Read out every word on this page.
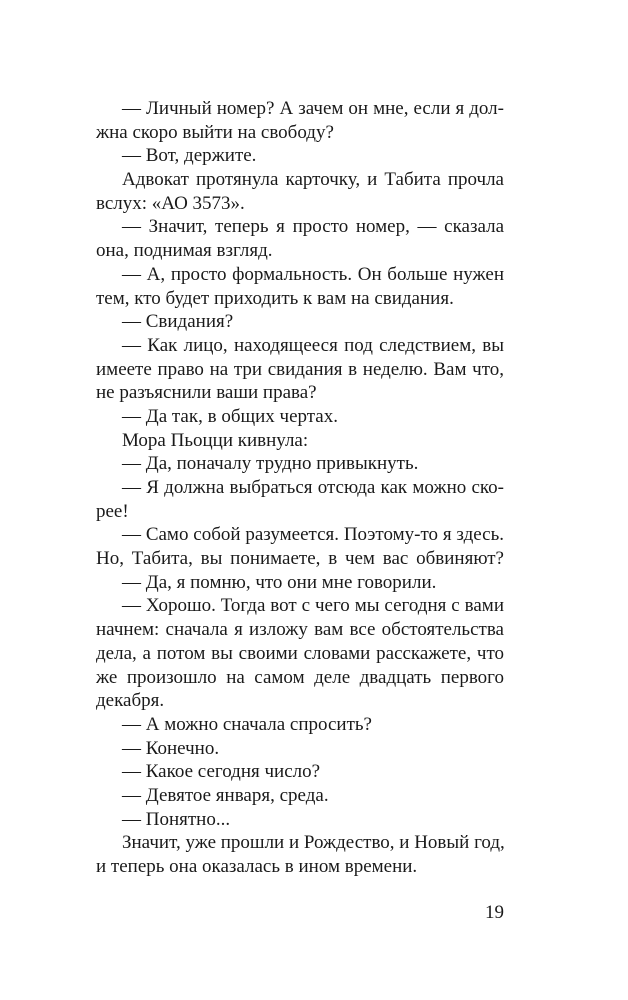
— Личный номер? А зачем он мне, если я дол-
жна скоро выйти на свободу?
— Вот, держите.
Адвокат протянула карточку, и Табита прочла
вслух: «АО 3573».
— Значит, теперь я просто номер, — сказала
она, поднимая взгляд.
— А, просто формальность. Он больше нужен
тем, кто будет приходить к вам на свидания.
— Свидания?
— Как лицо, находящееся под следствием, вы
имеете право на три свидания в неделю. Вам что,
не разъяснили ваши права?
— Да так, в общих чертах.
Мора Пьоцци кивнула:
— Да, поначалу трудно привыкнуть.
— Я должна выбраться отсюда как можно ско-
рее!
— Само собой разумеется. Поэтому-то я здесь.
Но, Табита, вы понимаете, в чем вас обвиняют?
— Да, я помню, что они мне говорили.
— Хорошо. Тогда вот с чего мы сегодня с вами
начнем: сначала я изложу вам все обстоятельства
дела, а потом вы своими словами расскажете, что
же произошло на самом деле двадцать первого
декабря.
— А можно сначала спросить?
— Конечно.
— Какое сегодня число?
— Девятое января, среда.
— Понятно...
Значит, уже прошли и Рождество, и Новый год,
и теперь она оказалась в ином времени.
19
